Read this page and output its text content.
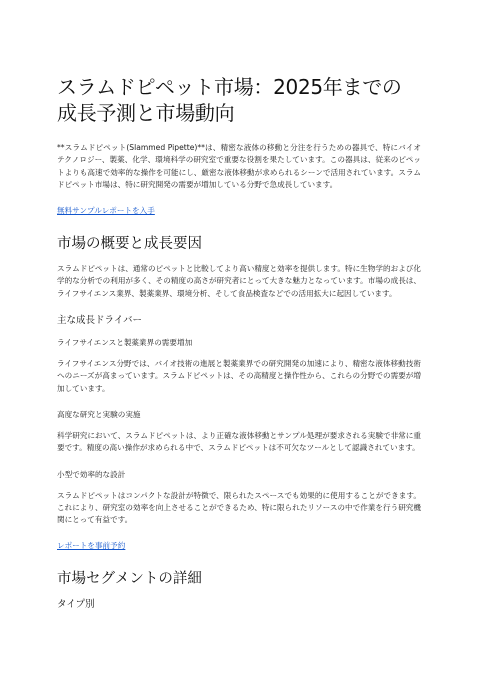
スラムドピペット市場：2025年までの成長予測と市場動向

**スラムドピペット(Slammed Pipette)**は、精密な液体の移動と分注を行うための器具で、特にバイオテクノロジー、製薬、化学、環境科学の研究室で重要な役割を果たしています。この器具は、従来のピペットよりも高速で効率的な操作を可能にし、厳密な液体移動が求められるシーンで活用されています。スラムドピペット市場は、特に研究開発の需要が増加している分野で急成長しています。

無料サンプルレポートを入手
市場の概要と成長要因

スラムドピペットは、通常のピペットと比較してより高い精度と効率を提供します。特に生物学的および化学的な分析での利用が多く、その精度の高さが研究者にとって大きな魅力となっています。市場の成長は、ライフサイエンス業界、製薬業界、環境分析、そして食品検査などでの活用拡大に起因しています。

主な成長ドライバー
ライフサイエンスと製薬業界の需要増加

ライフサイエンス分野では、バイオ技術の進展と製薬業界での研究開発の加速により、精密な液体移動技術へのニーズが高まっています。スラムドピペットは、その高精度と操作性から、これらの分野での需要が増加しています。

高度な研究と実験の実施

科学研究において、スラムドピペットは、より正確な液体移動とサンプル処理が要求される実験で非常に重要です。精度の高い操作が求められる中で、スラムドピペットは不可欠なツールとして認識されています。

小型で効率的な設計

スラムドピペットはコンパクトな設計が特徴で、限られたスペースでも効果的に使用することができます。これにより、研究室の効率を向上させることができるため、特に限られたリソースの中で作業を行う研究機関にとって有益です。

レポートを事前予約
市場セグメントの詳細
タイプ別
